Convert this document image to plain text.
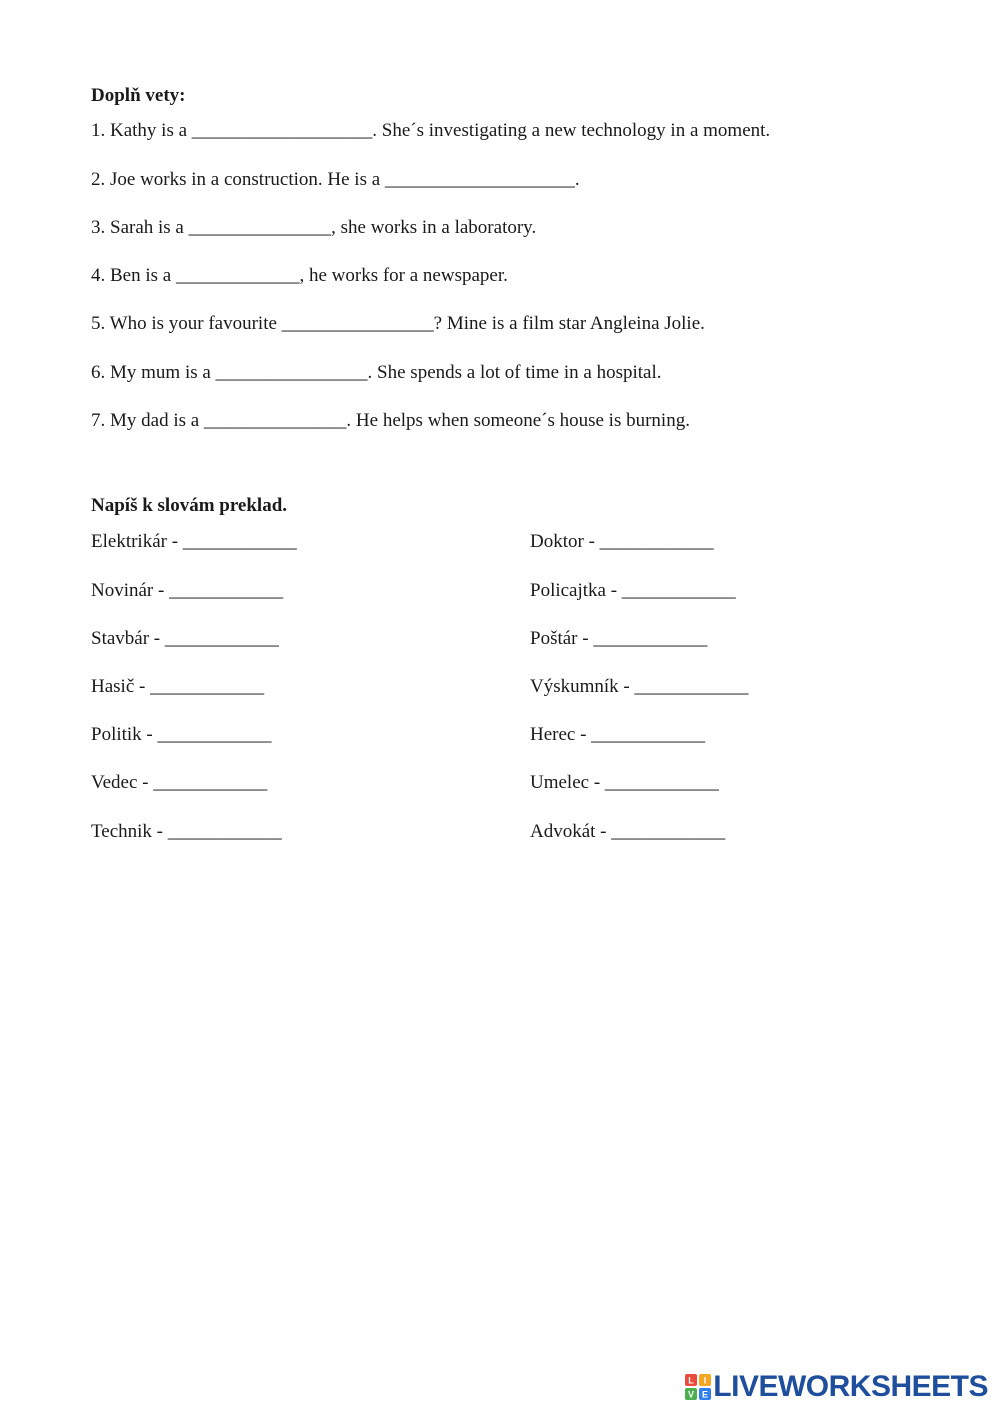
Doplň vety:
1. Kathy is a ___________________. She´s investigating a new technology in a moment.
2. Joe works in a construction. He is a ____________________.
3. Sarah is a _______________, she works in a laboratory.
4. Ben is a _____________, he works for a newspaper.
5. Who is your favourite ________________? Mine is a film star Angleina Jolie.
6. My mum is a ________________. She spends a lot of time in a hospital.
7. My dad is a _______________. He helps when someone´s house is burning.
Napíš k slovám preklad.
Elektrikár - ____________
Novinár - ____________
Stavbár - ____________
Hasič - ____________
Politik - ____________
Vedec - ____________
Technik - ____________
Doktor - ____________
Policajtka - ____________
Poštár - ____________
Výskumník - ____________
Herec - ____________
Umelec - ____________
Advokát - ____________
L I
V E LIVEWORKSHEETS
